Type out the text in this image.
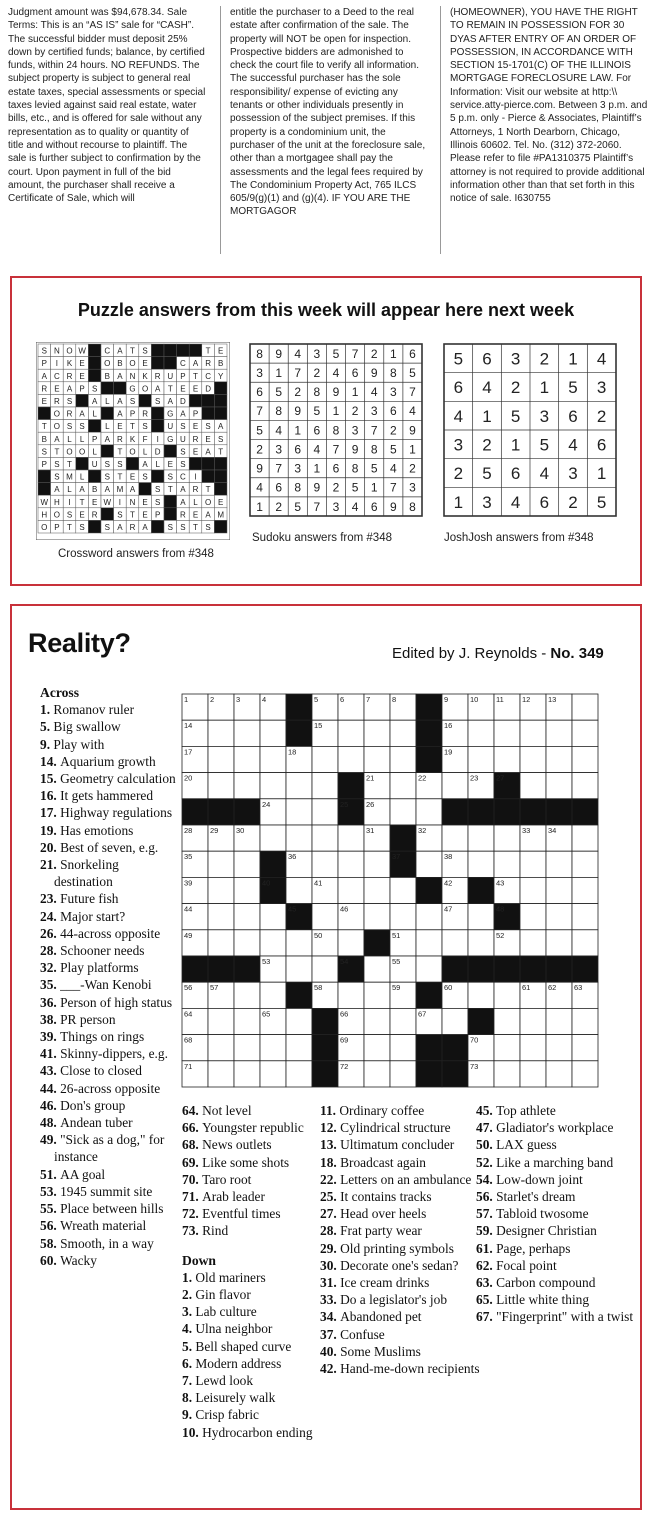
Judgment amount was $94,678.34. Sale Terms: This is an “AS IS” sale for “CASH”. The successful bidder must deposit 25% down by certified funds; balance, by certified funds, within 24 hours. NO REFUNDS. The subject property is subject to general real estate taxes, special assessments or special taxes levied against said real estate, water bills, etc., and is offered for sale without any representation as to quality or quantity of title and without recourse to plaintiff. The sale is further subject to confirmation by the court. Upon payment in full of the bid amount, the purchaser shall receive a Certificate of Sale, which will
entitle the purchaser to a Deed to the real estate after confirmation of the sale. The property will NOT be open for inspection. Prospective bidders are admonished to check the court file to verify all information. The successful purchaser has the sole responsibility/ expense of evicting any tenants or other individuals presently in possession of the subject premises. If this property is a condominium unit, the purchaser of the unit at the foreclosure sale, other than a mortgagee shall pay the assessments and the legal fees required by The Condominium Property Act, 765 ILCS 605/9(g)(1) and (g)(4). IF YOU ARE THE MORTGAGOR
(HOMEOWNER), YOU HAVE THE RIGHT TO REMAIN IN POSSESSION FOR 30 DYAS AFTER ENTRY OF AN ORDER OF POSSESSION, IN ACCORDANCE WITH SECTION 15-1701(C) OF THE ILLINOIS MORTGAGE FORECLOSURE LAW. For Information: Visit our website at http:\\ service.atty-pierce.com. Between 3 p.m. and 5 p.m. only - Pierce & Associates, Plaintiff’s Attorneys, 1 North Dearborn, Chicago, Illinois 60602. Tel. No. (312) 372-2060. Please refer to file #PA1310375 Plaintiff’s attorney is not required to provide additional information other than that set forth in this notice of sale. I630755
Puzzle answers from this week will appear here next week
S N O W C A T S	T E
P I K E O B O E	C A R B
A C R E B A N K R U P T C Y
R E A P S	G O A T E E D
E R S A L A S S A D
O R A L	A P R G A P
T O S S	L E T S U S E S A
B A L L P A R K F I G U R E S
S T O O L	T O L D S E A T
P S T U S S A L E S
S M L	S T E S S C I
A L A B A M A S T A R T
W H I T E W I N E S A L O E
H O S E R S T E P R E A M
O P T S S A R A S S T S
Crossword answers from #348
8 9 4 3 5 7 2 1 6
3 1 7 2 4 6 9 8 5
6 5 2 8 9 1 4 3 7
7 8 9 5 1 2 3 6 4
5 4 1 6 8 3 7 2 9
2 3 6 4 7 9 8 5 1
9 7 3 1 6 8 5 4 2
4 6 8 9 2 5 1 7 3
1 2 5 7 3 4 6 9 8
Sudoku answers from #348
5 6 3 2 1 4
6 4 2 1 5 3
4 1 5 3 6 2
3 2 1 5 4 6
2 5 6 4 3 1
1 3 4 6 2 5
JoshJosh answers from #348
Reality?	Edited by J. Reynolds - No. 349
1	2	3	4	5	6	7	8	9	10 11 12 13
14	15	16
17	18	19
20	21	22	23 27
24	25 26
28 29 30	31	32	33 34
35	36	37	38
39	40	41	42	43
44	45	46	47	48
49	50	51	52
53	54	55
56 57	58	59	60	61 62 63
64	65	66	67
68	69	70
71	72	73
Across
1. Romanov ruler
5. Big swallow
9. Play with
14. Aquarium growth
15. Geometry calculation
16. It gets hammered
17. Highway regulations
19. Has emotions
20. Best of seven, e.g.
21. Snorkeling destination
23. Future fish
24. Major start?
26. 44-across opposite
28. Schooner needs
32. Play platforms
35. ___-Wan Kenobi
36. Person of high status
38. PR person
39. Things on rings
41. Skinny-dippers, e.g.
43. Close to closed
44. 26-across opposite
46. Don's group
48. Andean tuber
49. "Sick as a dog," for instance
51. AA goal
53. 1945 summit site
55. Place between hills
56. Wreath material
58. Smooth, in a way
60. Wacky
64. Not level
66. Youngster republic
68. News outlets
69. Like some shots
70. Taro root
71. Arab leader
72. Eventful times
73. Rind
Down
1. Old mariners
2. Gin flavor
3. Lab culture
4. Ulna neighbor
5. Bell shaped curve
6. Modern address
7. Lewd look
8. Leisurely walk
9. Crisp fabric
10. Hydrocarbon ending
11. Ordinary coffee
12. Cylindrical structure
13. Ultimatum concluder
18. Broadcast again
22. Letters on an ambulance
25. It contains tracks
27. Head over heels
28. Frat party wear
29. Old printing symbols
30. Decorate one's sedan?
31. Ice cream drinks
33. Do a legislator's job
34. Abandoned pet
37. Confuse
40. Some Muslims
42. Hand-me-down recipients
45. Top athlete
47. Gladiator's workplace
50. LAX guess
52. Like a marching band
54. Low-down joint
56. Starlet's dream
57. Tabloid twosome
59. Designer Christian
61. Page, perhaps
62. Focal point
63. Carbon compound
65. Little white thing
67. "Fingerprint" with a twist
